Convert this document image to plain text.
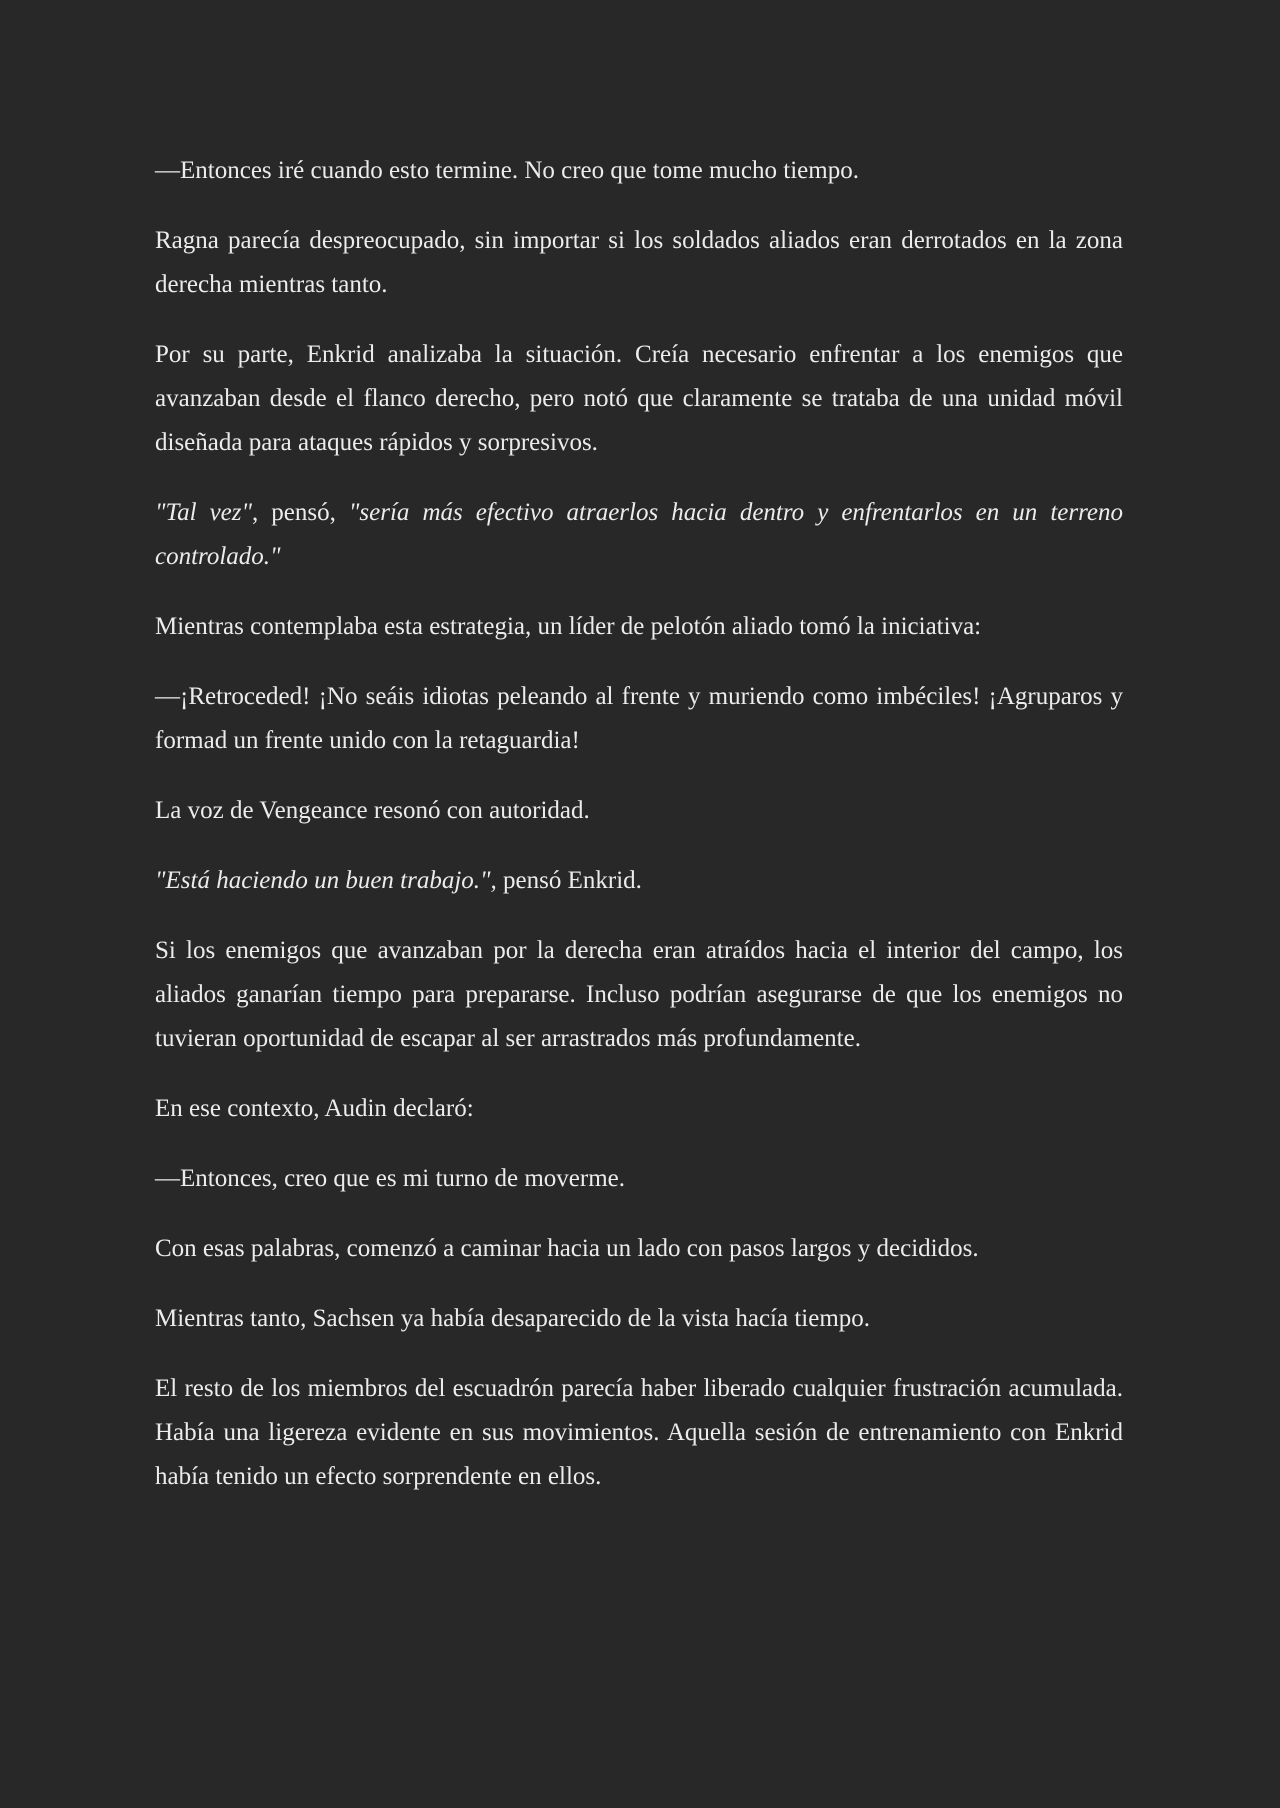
—Entonces iré cuando esto termine. No creo que tome mucho tiempo.

Ragna parecía despreocupado, sin importar si los soldados aliados eran derrotados en la zona derecha mientras tanto.

Por su parte, Enkrid analizaba la situación. Creía necesario enfrentar a los enemigos que avanzaban desde el flanco derecho, pero notó que claramente se trataba de una unidad móvil diseñada para ataques rápidos y sorpresivos.

"Tal vez", pensó, "sería más efectivo atraerlos hacia dentro y enfrentarlos en un terreno controlado."

Mientras contemplaba esta estrategia, un líder de pelotón aliado tomó la iniciativa:

—¡Retroceded! ¡No seáis idiotas peleando al frente y muriendo como imbéciles! ¡Agruparos y formad un frente unido con la retaguardia!

La voz de Vengeance resonó con autoridad.

"Está haciendo un buen trabajo.", pensó Enkrid.

Si los enemigos que avanzaban por la derecha eran atraídos hacia el interior del campo, los aliados ganarían tiempo para prepararse. Incluso podrían asegurarse de que los enemigos no tuvieran oportunidad de escapar al ser arrastrados más profundamente.

En ese contexto, Audin declaró:

—Entonces, creo que es mi turno de moverme.

Con esas palabras, comenzó a caminar hacia un lado con pasos largos y decididos.

Mientras tanto, Sachsen ya había desaparecido de la vista hacía tiempo.

El resto de los miembros del escuadrón parecía haber liberado cualquier frustración acumulada. Había una ligereza evidente en sus movimientos. Aquella sesión de entrenamiento con Enkrid había tenido un efecto sorprendente en ellos.
